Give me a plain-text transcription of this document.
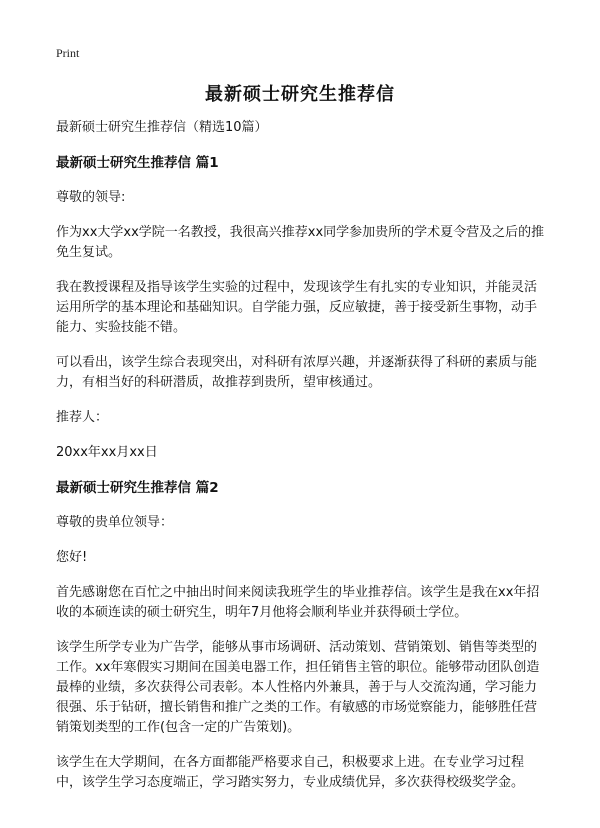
Print
最新硕士研究生推荐信

最新硕士研究生推荐信（精选10篇）

最新硕士研究生推荐信 篇1

尊敬的领导:

作为xx大学xx学院一名教授，我很高兴推荐xx同学参加贵所的学术夏令营及之后的推免生复试。

我在教授课程及指导该学生实验的过程中，发现该学生有扎实的专业知识，并能灵活运用所学的基本理论和基础知识。自学能力强，反应敏捷，善于接受新生事物，动手能力、实验技能不错。

可以看出，该学生综合表现突出，对科研有浓厚兴趣，并逐渐获得了科研的素质与能力，有相当好的科研潜质，故推荐到贵所，望审核通过。

推荐人：

20xx年xx月xx日

最新硕士研究生推荐信 篇2

尊敬的贵单位领导：

您好!

首先感谢您在百忙之中抽出时间来阅读我班学生的毕业推荐信。该学生是我在xx年招收的本硕连读的硕士研究生，明年7月他将会顺利毕业并获得硕士学位。

该学生所学专业为广告学，能够从事市场调研、活动策划、营销策划、销售等类型的工作。xx年寒假实习期间在国美电器工作，担任销售主管的职位。能够带动团队创造最棒的业绩，多次获得公司表彰。本人性格内外兼具，善于与人交流沟通，学习能力很强、乐于钻研，擅长销售和推广之类的工作。有敏感的市场觉察能力，能够胜任营销策划类型的工作(包含一定的广告策划)。

该学生在大学期间，在各方面都能严格要求自己，积极要求上进。在专业学习过程中，该学生学习态度端正，学习踏实努力，专业成绩优异，多次获得校级奖学金。
